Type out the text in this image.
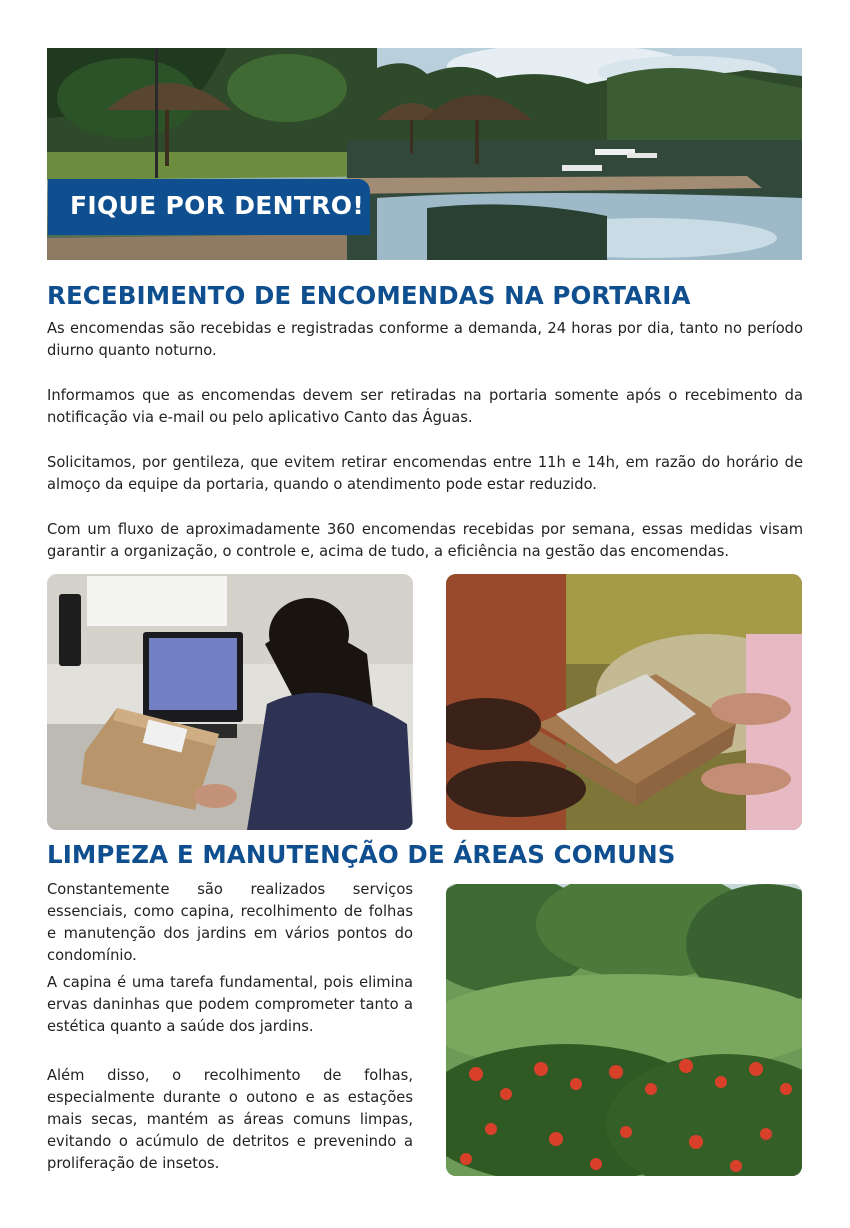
FIQUE POR DENTRO!
RECEBIMENTO DE ENCOMENDAS NA PORTARIA

As encomendas são recebidas e registradas conforme a demanda, 24 horas por dia, tanto no período diurno quanto noturno.

Informamos que as encomendas devem ser retiradas na portaria somente após o recebimento da notificação via e-mail ou pelo aplicativo Canto das Águas.

Solicitamos, por gentileza, que evitem retirar encomendas entre 11h e 14h, em razão do horário de almoço da equipe da portaria, quando o atendimento pode estar reduzido.

Com um fluxo de aproximadamente 360 encomendas recebidas por semana, essas medidas visam garantir a organização, o controle e, acima de tudo, a eficiência na gestão das encomendas.

LIMPEZA E MANUTENÇÃO DE ÁREAS COMUNS

Constantemente são realizados serviços essenciais, como capina, recolhimento de folhas e manutenção dos jardins em vários pontos do condomínio.

A capina é uma tarefa fundamental, pois elimina ervas daninhas que podem comprometer tanto a estética quanto a saúde dos jardins.

Além disso, o recolhimento de folhas, especialmente durante o outono e as estações mais secas, mantém as áreas comuns limpas, evitando o acúmulo de detritos e prevenindo a proliferação de insetos.
